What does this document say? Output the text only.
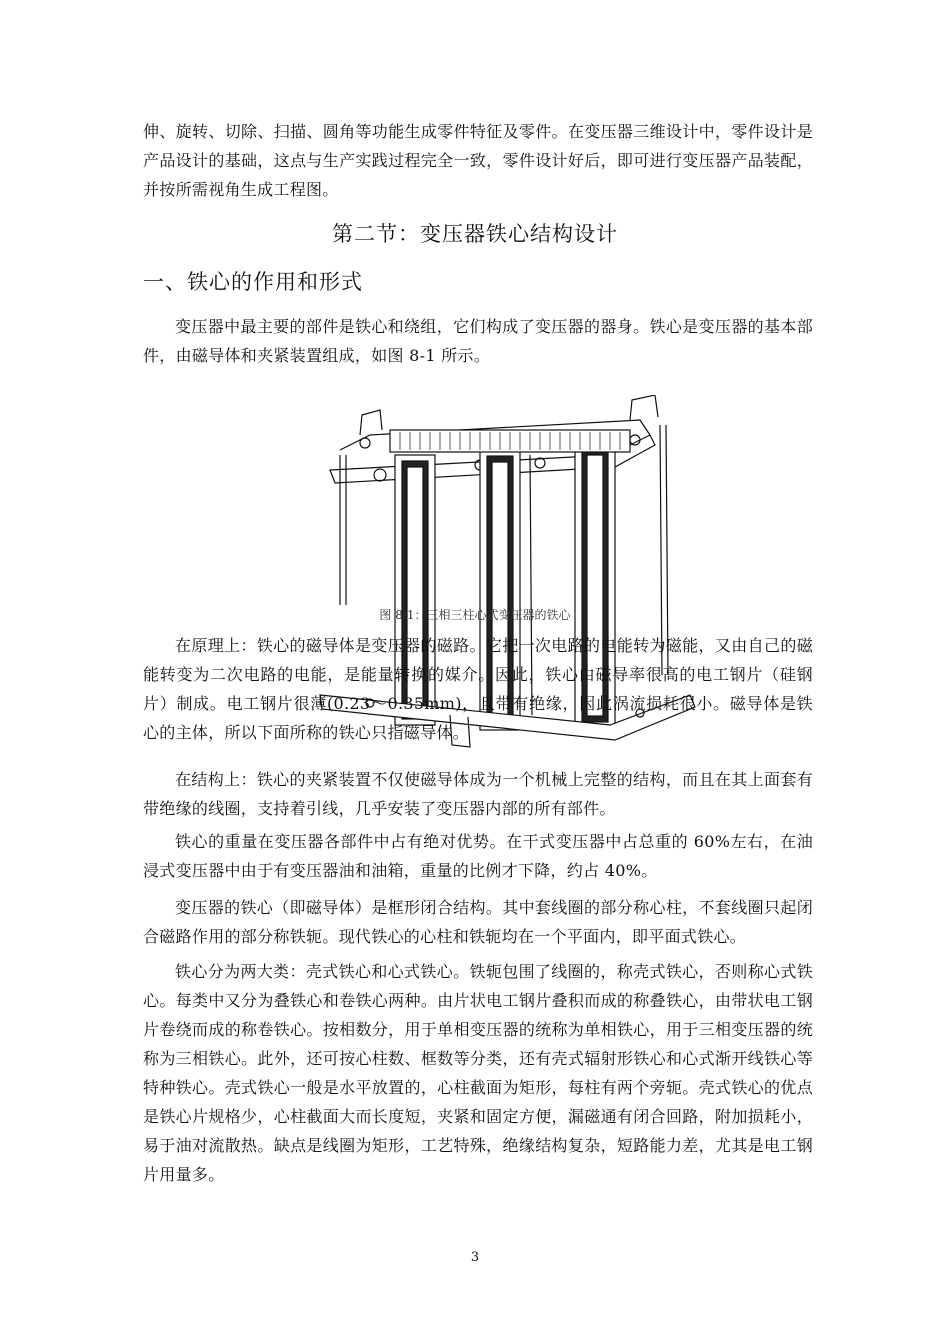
伸、旋转、切除、扫描、圆角等功能生成零件特征及零件。在变压器三维设计中，零件设计是产品设计的基础，这点与生产实践过程完全一致，零件设计好后，即可进行变压器产品装配，并按所需视角生成工程图。

第二节：变压器铁心结构设计
一、铁心的作用和形式

变压器中最主要的部件是铁心和绕组，它们构成了变压器的器身。铁心是变压器的基本部件，由磁导体和夹紧装置组成，如图 8-1 所示。

图 8-1：三相三柱心式变压器的铁心

在原理上：铁心的磁导体是变压器的磁路。它把一次电路的电能转为磁能，又由自己的磁能转变为二次电路的电能，是能量转换的媒介。因此，铁心由磁导率很高的电工钢片（硅钢片）制成。电工钢片很薄(0.23～0.35mm)，且带有绝缘，因此涡流损耗很小。磁导体是铁心的主体，所以下面所称的铁心只指磁导体。

在结构上：铁心的夹紧装置不仅使磁导体成为一个机械上完整的结构，而且在其上面套有带绝缘的线圈，支持着引线，几乎安装了变压器内部的所有部件。

铁心的重量在变压器各部件中占有绝对优势。在干式变压器中占总重的 60%左右，在油浸式变压器中由于有变压器油和油箱，重量的比例才下降，约占 40%。

变压器的铁心（即磁导体）是框形闭合结构。其中套线圈的部分称心柱，不套线圈只起闭合磁路作用的部分称铁轭。现代铁心的心柱和铁轭均在一个平面内，即平面式铁心。

铁心分为两大类：壳式铁心和心式铁心。铁轭包围了线圈的，称壳式铁心，否则称心式铁心。每类中又分为叠铁心和卷铁心两种。由片状电工钢片叠积而成的称叠铁心，由带状电工钢片卷绕而成的称卷铁心。按相数分，用于单相变压器的统称为单相铁心，用于三相变压器的统称为三相铁心。此外，还可按心柱数、框数等分类，还有壳式辐射形铁心和心式渐开线铁心等特种铁心。壳式铁心一般是水平放置的，心柱截面为矩形，每柱有两个旁轭。壳式铁心的优点是铁心片规格少，心柱截面大而长度短，夹紧和固定方便，漏磁通有闭合回路，附加损耗小，易于油对流散热。缺点是线圈为矩形，工艺特殊，绝缘结构复杂，短路能力差，尤其是电工钢片用量多。

3
